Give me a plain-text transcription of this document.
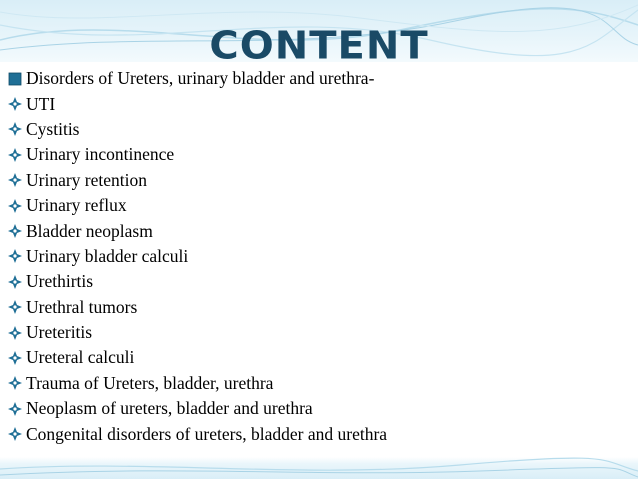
CONTENT
Disorders of Ureters, urinary bladder and urethra-
UTI
Cystitis
Urinary incontinence
Urinary retention
Urinary reflux
Bladder neoplasm
Urinary bladder calculi
Urethirtis
Urethral tumors
Ureteritis
Ureteral calculi
Trauma of Ureters, bladder, urethra
Neoplasm of ureters, bladder and urethra
Congenital disorders of ureters, bladder and urethra
